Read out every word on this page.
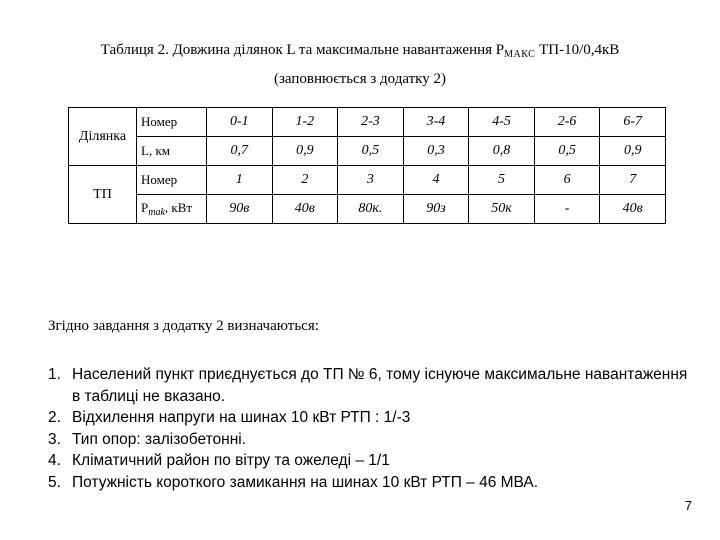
Таблиця 2. Довжина ділянок L та максимальне навантаження $P_{МАКС}$ ТП-10/0,4кВ
(заповнюється з додатку 2)
Ділянка	Номер	0-1	1-2	2-3	3-4	4-5	2-6	6-7
	L, км	0,7	0,9	0,5	0,3	0,8	0,5	0,9
ТП	Номер	1	2	3	4	5	6	7
	$P_{mak}$, кВт	90в	40в	80к.	90з	50к	-	40в
Згідно завдання з додатку 2 визначаються:
1. Населений пункт приєднується до ТП № 6, тому існуюче максимальне навантаження в таблиці не вказано.
2. Відхилення напруги на шинах 10 кВт РТП : 1/-3
3. Тип опор: залізобетонні.
4. Кліматичний район по вітру та ожеледі – 1/1
5. Потужність короткого замикання на шинах 10 кВт РТП – 46 МВА.
7
